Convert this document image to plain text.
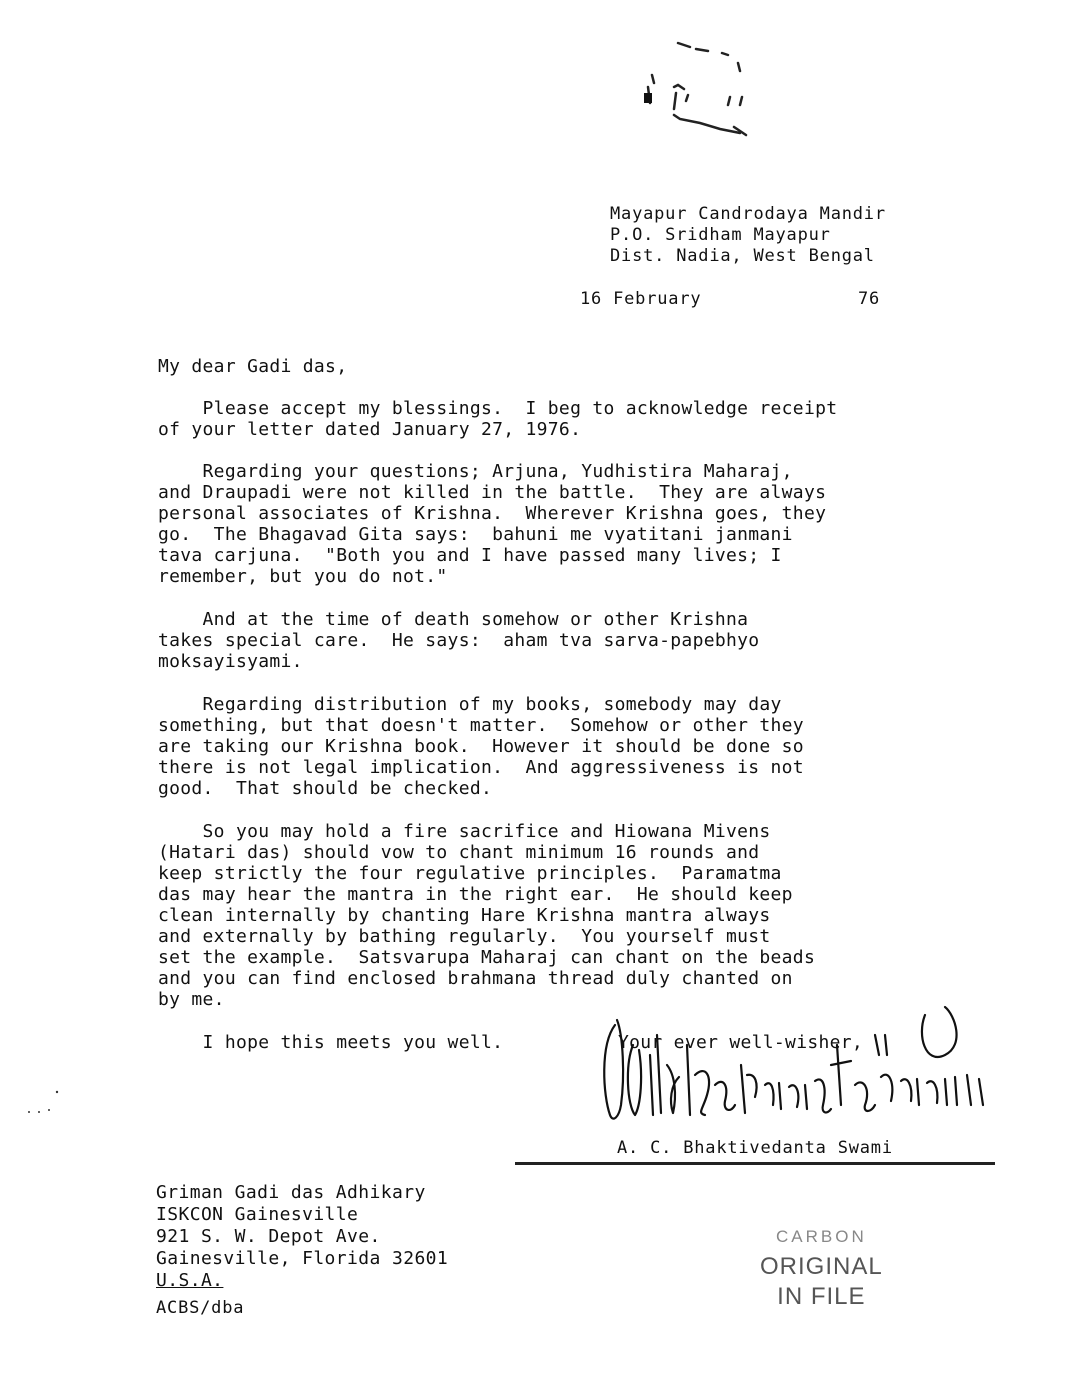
Mayapur Candrodaya Mandir
P.O. Sridham Mayapur
Dist. Nadia, West Bengal
16 February	76
My dear Gadi das,
Please accept my blessings.  I beg to acknowledge receipt
of your letter dated January 27, 1976.
Regarding your questions; Arjuna, Yudhistira Maharaj,
and Draupadi were not killed in the battle.  They are always
personal associates of Krishna.  Wherever Krishna goes, they
go.  The Bhagavad Gita says:  bahuni me vyatitani janmani
tava carjuna.  "Both you and I have passed many lives; I
remember, but you do not."
And at the time of death somehow or other Krishna
takes special care.  He says:  aham tva sarva-papebhyo
moksayisyami.
Regarding distribution of my books, somebody may day
something, but that doesn't matter.  Somehow or other they
are taking our Krishna book.  However it should be done so
there is not legal implication.  And aggressiveness is not
good.  That should be checked.
So you may hold a fire sacrifice and Hiowana Mivens
(Hatari das) should vow to chant minimum 16 rounds and
keep strictly the four regulative principles.  Paramatma
das may hear the mantra in the right ear.  He should keep
clean internally by chanting Hare Krishna mantra always
and externally by bathing regularly.  You yourself must
set the example.  Satsvarupa Maharaj can chant on the beads
and you can find enclosed brahmana thread duly chanted on
by me.
I hope this meets you well.	Your ever well-wisher,
A. C. Bhaktivedanta Swami
Griman Gadi das Adhikary
ISKCON Gainesville
921 S. W. Depot Ave.
Gainesville, Florida 32601
U.S.A.
CARBON
ORIGINAL
IN FILE
ACBS/dba
